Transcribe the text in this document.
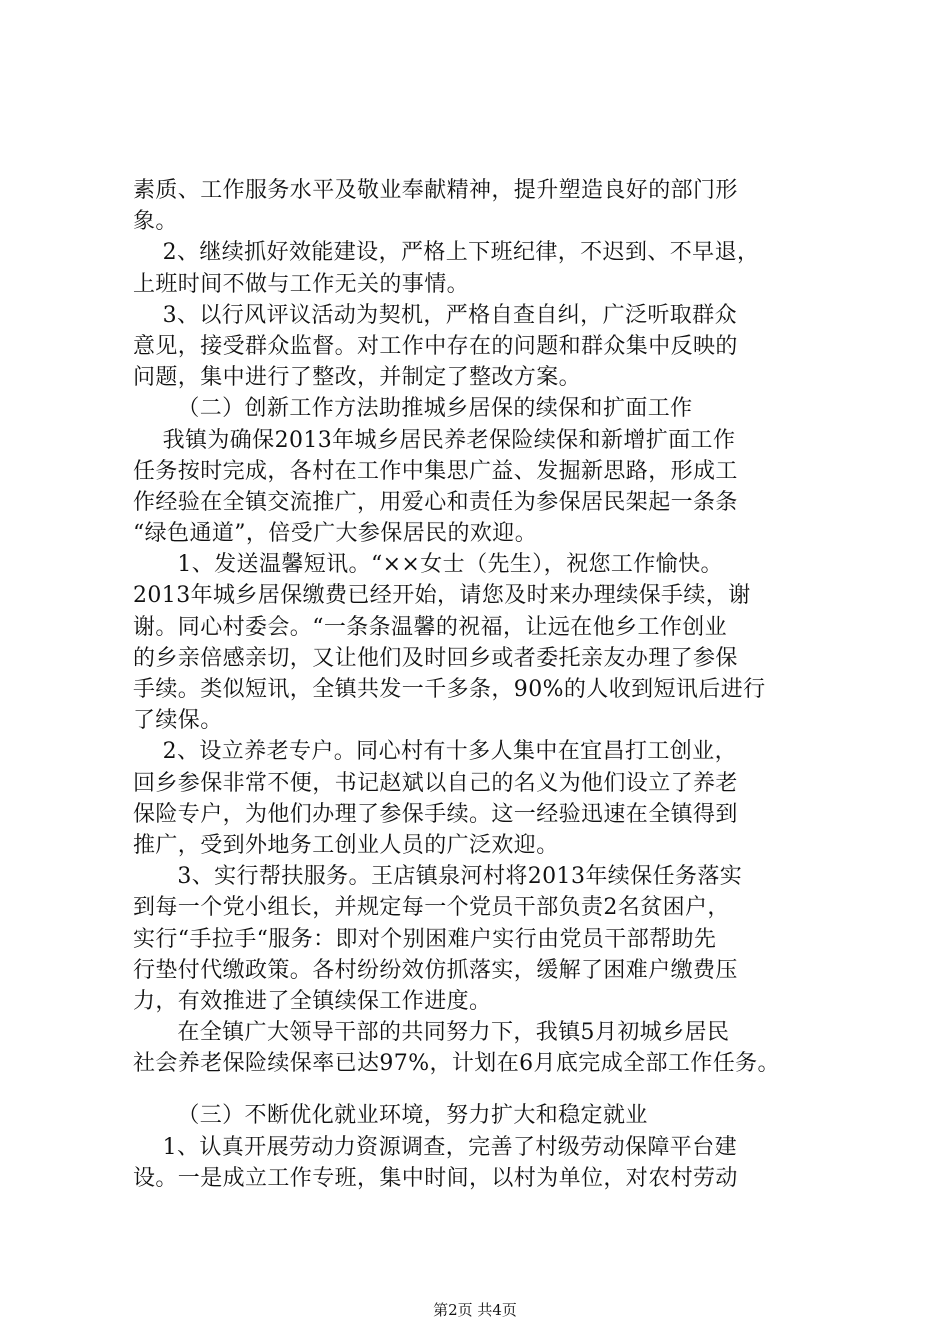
素质、工作服务水平及敬业奉献精神，提升塑造良好的部门形
象。
2、继续抓好效能建设，严格上下班纪律，不迟到、不早退，
上班时间不做与工作无关的事情。
3、以行风评议活动为契机，严格自查自纠，广泛听取群众
意见，接受群众监督。对工作中存在的问题和群众集中反映的
问题，集中进行了整改，并制定了整改方案。
（二）创新工作方法助推城乡居保的续保和扩面工作
我镇为确保2013年城乡居民养老保险续保和新增扩面工作
任务按时完成，各村在工作中集思广益、发掘新思路，形成工
作经验在全镇交流推广，用爱心和责任为参保居民架起一条条
“绿色通道”，倍受广大参保居民的欢迎。
1、发送温馨短讯。“××女士（先生），祝您工作愉快。
2013年城乡居保缴费已经开始，请您及时来办理续保手续，谢
谢。同心村委会。“一条条温馨的祝福，让远在他乡工作创业
的乡亲倍感亲切，又让他们及时回乡或者委托亲友办理了参保
手续。类似短讯，全镇共发一千多条，90%的人收到短讯后进行
了续保。
2、设立养老专户。同心村有十多人集中在宜昌打工创业，
回乡参保非常不便，书记赵斌以自己的名义为他们设立了养老
保险专户，为他们办理了参保手续。这一经验迅速在全镇得到
推广，受到外地务工创业人员的广泛欢迎。
3、实行帮扶服务。王店镇泉河村将2013年续保任务落实
到每一个党小组长，并规定每一个党员干部负责2名贫困户，
实行“手拉手“服务：即对个别困难户实行由党员干部帮助先
行垫付代缴政策。各村纷纷效仿抓落实，缓解了困难户缴费压
力，有效推进了全镇续保工作进度。
在全镇广大领导干部的共同努力下，我镇5月初城乡居民
社会养老保险续保率已达97%，计划在6月底完成全部工作任务。
（三）不断优化就业环境，努力扩大和稳定就业
1、认真开展劳动力资源调查，完善了村级劳动保障平台建
设。一是成立工作专班，集中时间，以村为单位，对农村劳动
第2页 共4页
